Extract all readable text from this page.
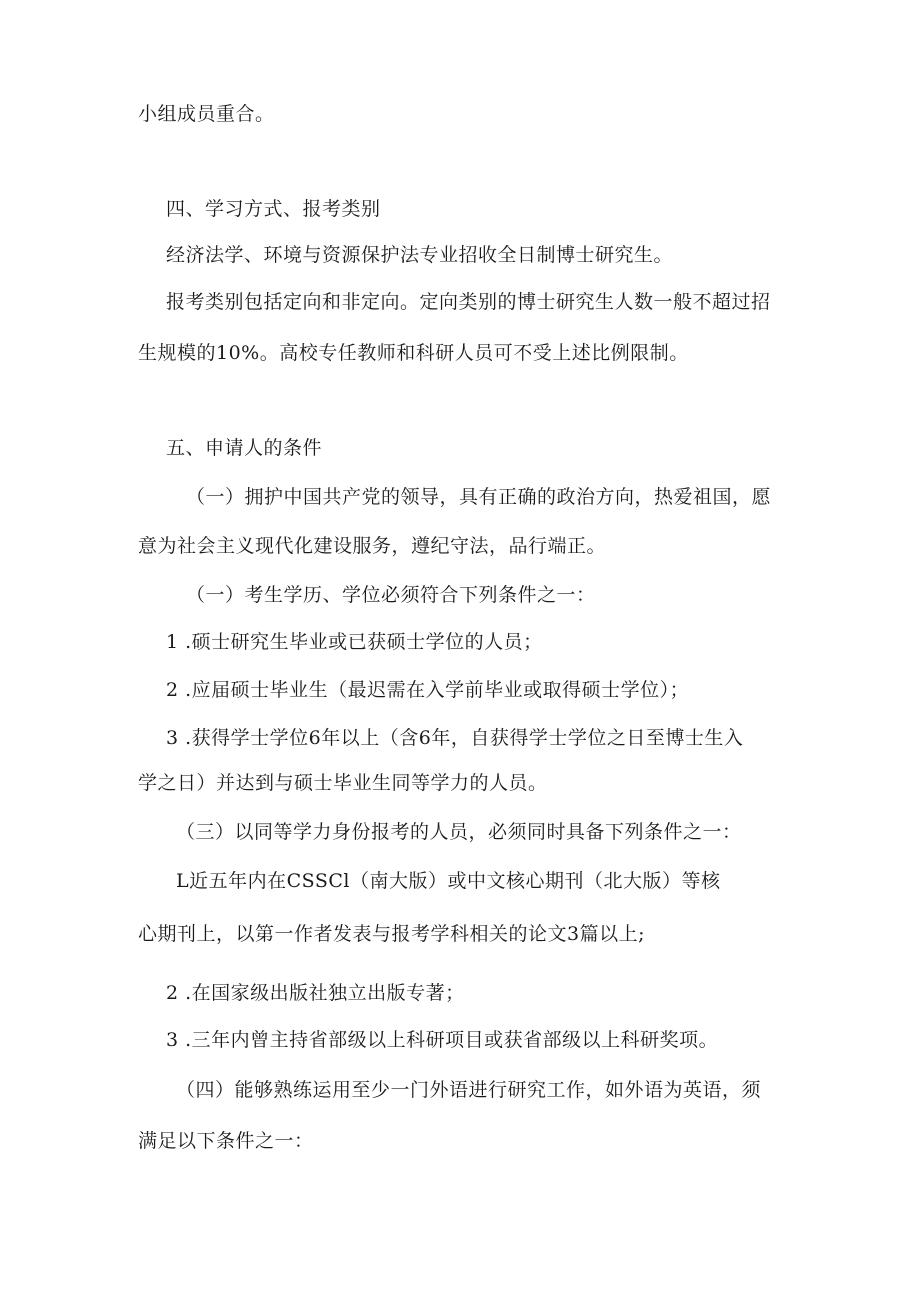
小组成员重合。
四、学习方式、报考类别
经济法学、环境与资源保护法专业招收全日制博士研究生。
报考类别包括定向和非定向。定向类别的博士研究生人数一般不超过招
生规模的10%。高校专任教师和科研人员可不受上述比例限制。
五、申请人的条件
（一）拥护中国共产党的领导，具有正确的政治方向，热爱祖国，愿
意为社会主义现代化建设服务，遵纪守法，品行端正。
（一）考生学历、学位必须符合下列条件之一：
1 .硕士研究生毕业或已获硕士学位的人员；
2 .应届硕士毕业生（最迟需在入学前毕业或取得硕士学位）；
3 .获得学士学位6年以上（含6年，自获得学士学位之日至博士生入
学之日）并达到与硕士毕业生同等学力的人员。
（三）以同等学力身份报考的人员，必须同时具备下列条件之一：
L近五年内在CSSCl（南大版）或中文核心期刊（北大版）等核
心期刊上，以第一作者发表与报考学科相关的论文3篇以上;
2 .在国家级出版社独立出版专著；
3 .三年内曾主持省部级以上科研项目或获省部级以上科研奖项。
（四）能够熟练运用至少一门外语进行研究工作，如外语为英语，须
满足以下条件之一：
